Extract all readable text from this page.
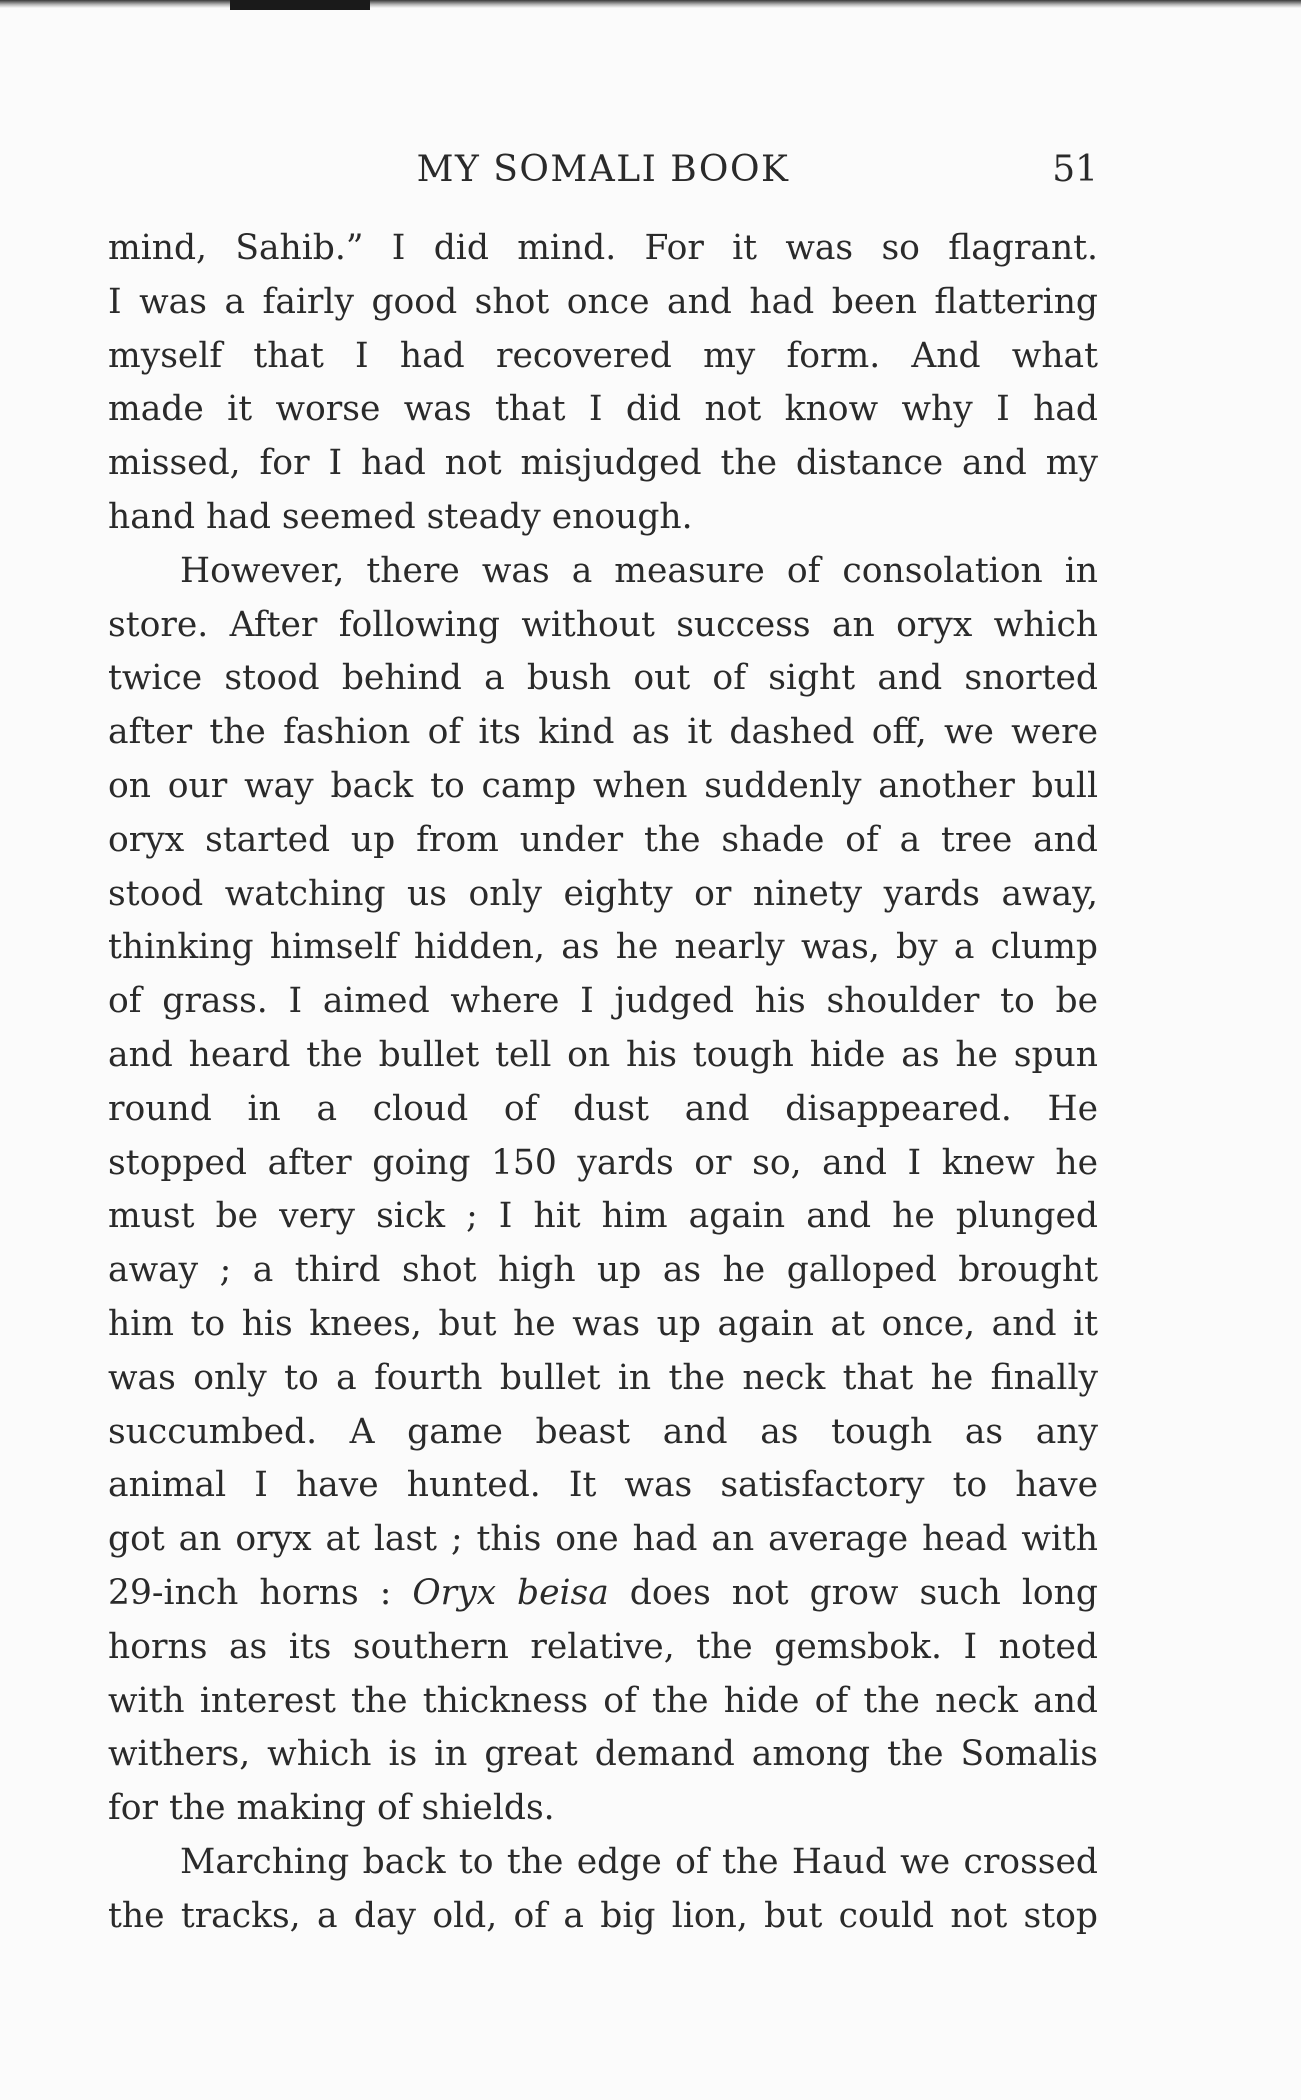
MY SOMALI BOOK	51
mind, Sahib.” I did mind. For it was so flagrant.
I was a fairly good shot once and had been flattering
myself that I had recovered my form. And what
made it worse was that I did not know why I had
missed, for I had not misjudged the distance and my
hand had seemed steady enough.
However, there was a measure of consolation in
store. After following without success an oryx which
twice stood behind a bush out of sight and snorted
after the fashion of its kind as it dashed off, we were
on our way back to camp when suddenly another bull
oryx started up from under the shade of a tree and
stood watching us only eighty or ninety yards away,
thinking himself hidden, as he nearly was, by a clump
of grass. I aimed where I judged his shoulder to be
and heard the bullet tell on his tough hide as he spun
round in a cloud of dust and disappeared. He
stopped after going 150 yards or so, and I knew he
must be very sick ; I hit him again and he plunged
away ; a third shot high up as he galloped brought
him to his knees, but he was up again at once, and it
was only to a fourth bullet in the neck that he finally
succumbed. A game beast and as tough as any
animal I have hunted. It was satisfactory to have
got an oryx at last ; this one had an average head with
29-inch horns : Oryx beisa does not grow such long
horns as its southern relative, the gemsbok. I noted
with interest the thickness of the hide of the neck and
withers, which is in great demand among the Somalis
for the making of shields.
Marching back to the edge of the Haud we crossed
the tracks, a day old, of a big lion, but could not stop
